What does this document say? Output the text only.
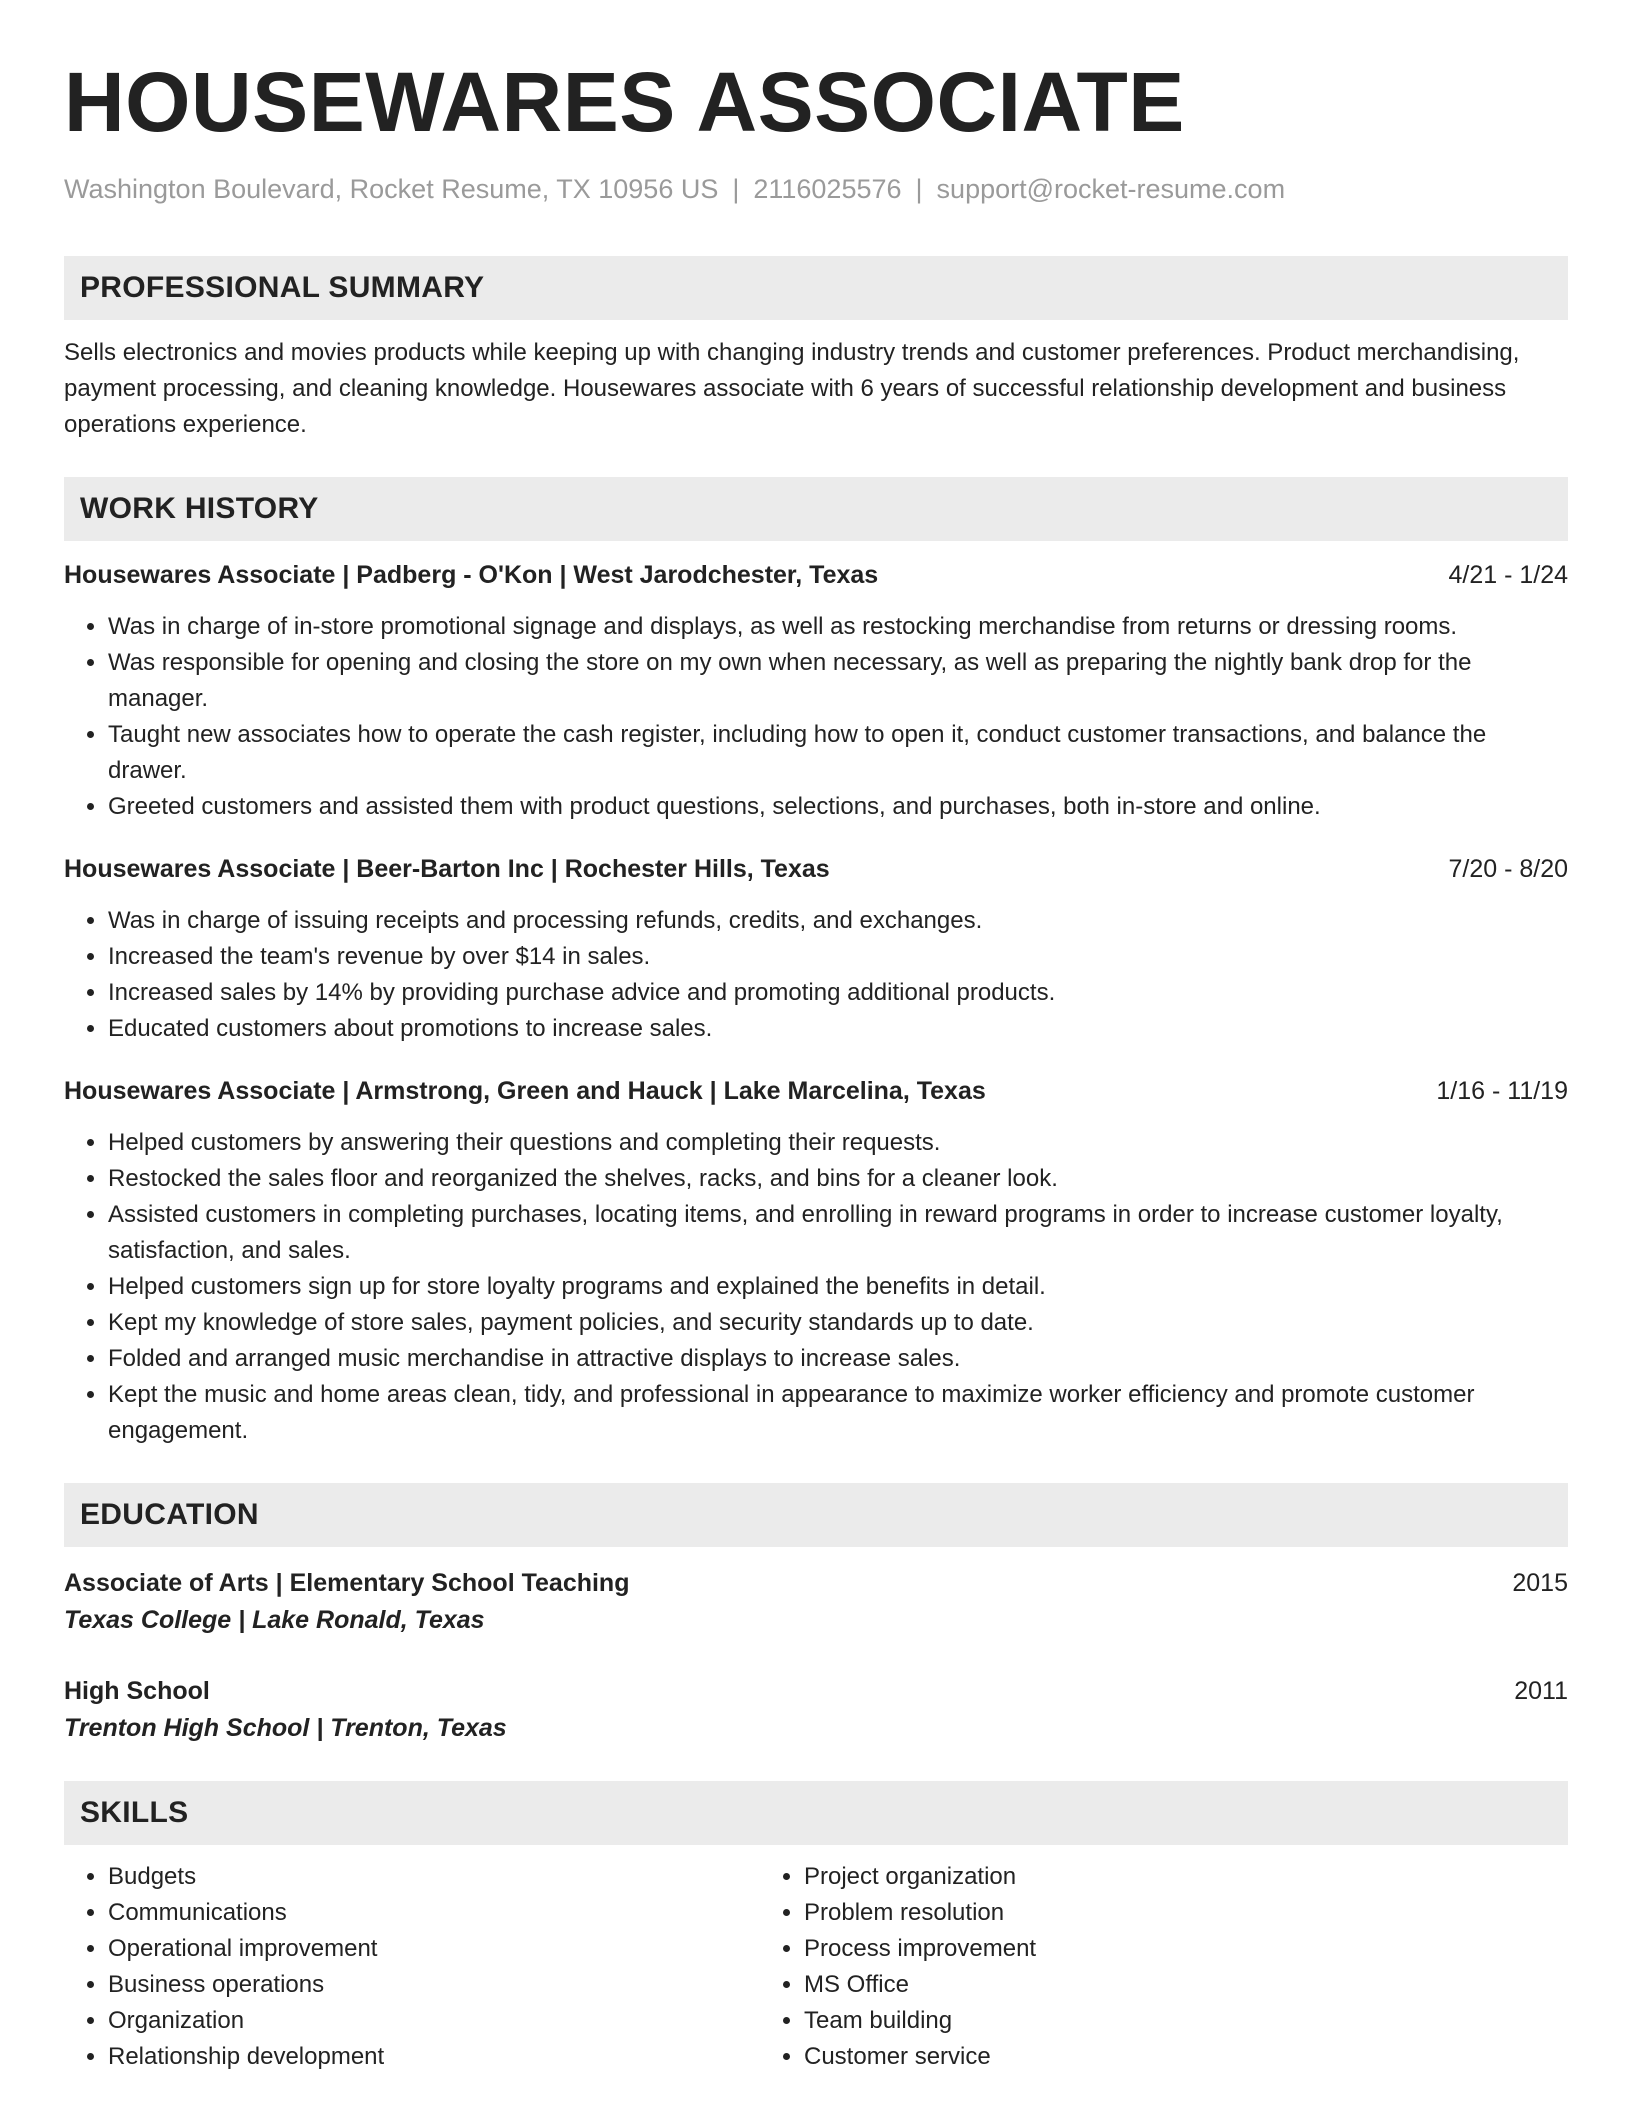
HOUSEWARES ASSOCIATE
Washington Boulevard, Rocket Resume, TX 10956 US | 2116025576 | support@rocket-resume.com
PROFESSIONAL SUMMARY
Sells electronics and movies products while keeping up with changing industry trends and customer preferences. Product merchandising, payment processing, and cleaning knowledge. Housewares associate with 6 years of successful relationship development and business operations experience.
WORK HISTORY
Housewares Associate | Padberg - O'Kon | West Jarodchester, Texas	4/21 - 1/24
• Was in charge of in-store promotional signage and displays, as well as restocking merchandise from returns or dressing rooms.
• Was responsible for opening and closing the store on my own when necessary, as well as preparing the nightly bank drop for the manager.
• Taught new associates how to operate the cash register, including how to open it, conduct customer transactions, and balance the drawer.
• Greeted customers and assisted them with product questions, selections, and purchases, both in-store and online.
Housewares Associate | Beer-Barton Inc | Rochester Hills, Texas	7/20 - 8/20
• Was in charge of issuing receipts and processing refunds, credits, and exchanges.
• Increased the team's revenue by over $14 in sales.
• Increased sales by 14% by providing purchase advice and promoting additional products.
• Educated customers about promotions to increase sales.
Housewares Associate | Armstrong, Green and Hauck | Lake Marcelina, Texas	1/16 - 11/19
• Helped customers by answering their questions and completing their requests.
• Restocked the sales floor and reorganized the shelves, racks, and bins for a cleaner look.
• Assisted customers in completing purchases, locating items, and enrolling in reward programs in order to increase customer loyalty, satisfaction, and sales.
• Helped customers sign up for store loyalty programs and explained the benefits in detail.
• Kept my knowledge of store sales, payment policies, and security standards up to date.
• Folded and arranged music merchandise in attractive displays to increase sales.
• Kept the music and home areas clean, tidy, and professional in appearance to maximize worker efficiency and promote customer engagement.
EDUCATION
Associate of Arts | Elementary School Teaching	2015
Texas College | Lake Ronald, Texas
High School	2011
Trenton High School | Trenton, Texas
SKILLS
• Budgets
• Communications
• Operational improvement
• Business operations
• Organization
• Relationship development
• Project organization
• Problem resolution
• Process improvement
• MS Office
• Team building
• Customer service
